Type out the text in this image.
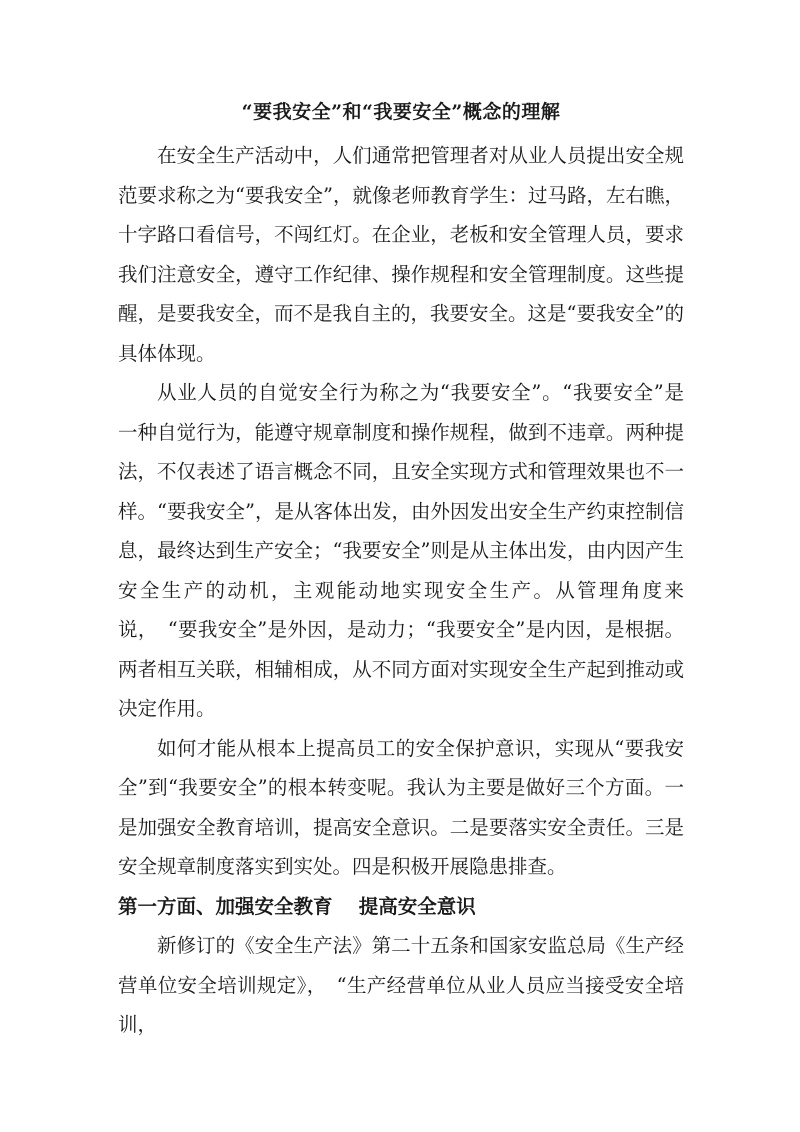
“要我安全”和“我要安全”概念的理解

在安全生产活动中，人们通常把管理者对从业人员提出安全规范要求称之为“要我安全”，就像老师教育学生：过马路，左右瞧，十字路口看信号，不闯红灯。在企业，老板和安全管理人员，要求我们注意安全，遵守工作纪律、操作规程和安全管理制度。这些提醒，是要我安全，而不是我自主的，我要安全。这是“要我安全”的具体体现。

从业人员的自觉安全行为称之为“我要安全”。“我要安全”是一种自觉行为，能遵守规章制度和操作规程，做到不违章。两种提法，不仅表述了语言概念不同，且安全实现方式和管理效果也不一样。“要我安全”，是从客体出发，由外因发出安全生产约束控制信息，最终达到生产安全；“我要安全”则是从主体出发，由内因产生安全生产的动机，主观能动地实现安全生产。从管理角度来说，　“要我安全”是外因，是动力；“我要安全”是内因，是根据。两者相互关联，相辅相成，从不同方面对实现安全生产起到推动或决定作用。

如何才能从根本上提高员工的安全保护意识，实现从“要我安全”到“我要安全”的根本转变呢。我认为主要是做好三个方面。一是加强安全教育培训，提高安全意识。二是要落实安全责任。三是安全规章制度落实到实处。四是积极开展隐患排查。

第一方面、加强安全教育　 提高安全意识

新修订的《安全生产法》第二十五条和国家安监总局《生产经营单位安全培训规定》，　“生产经营单位从业人员应当接受安全培训，
